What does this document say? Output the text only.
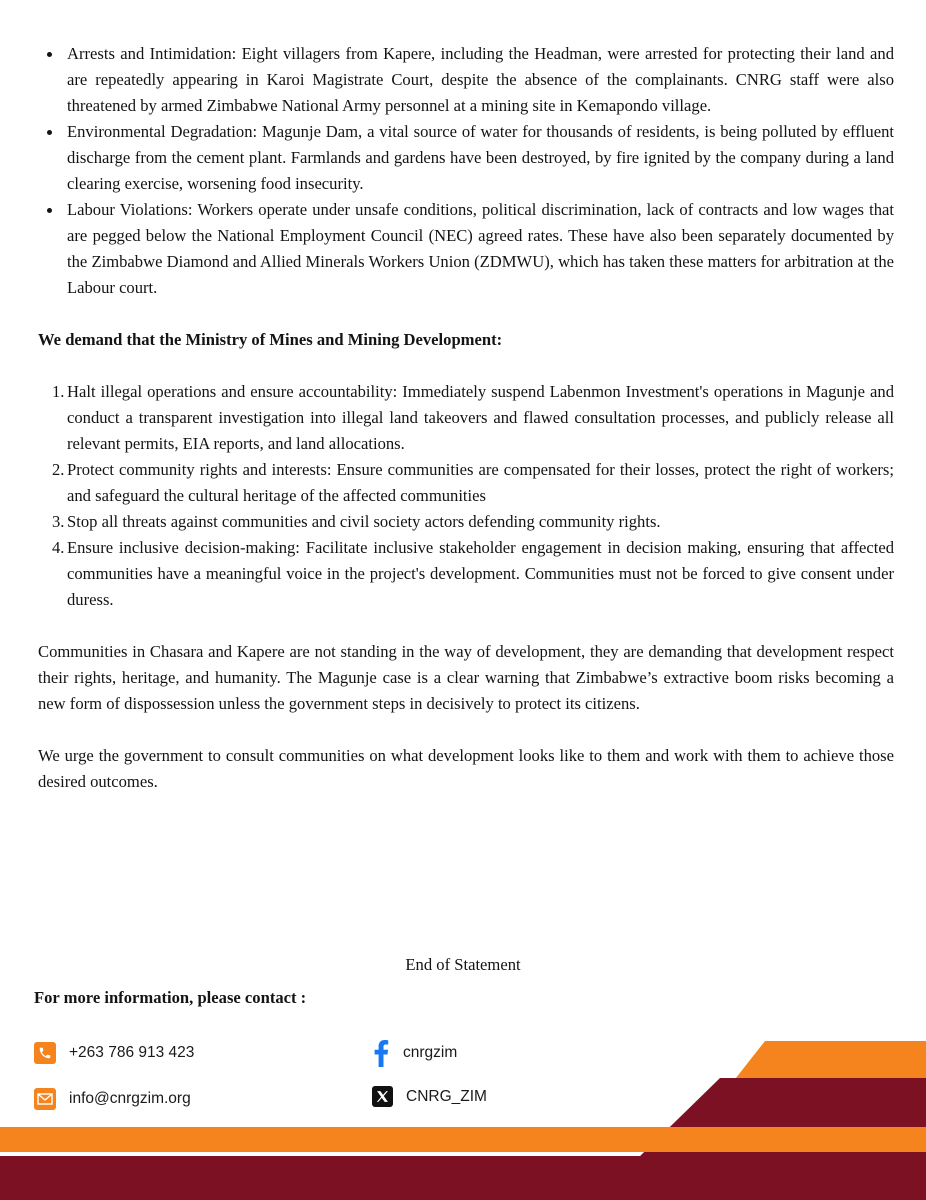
Arrests and Intimidation: Eight villagers from Kapere, including the Headman, were arrested for protecting their land and are repeatedly appearing in Karoi Magistrate Court, despite the absence of the complainants. CNRG staff were also threatened by armed Zimbabwe National Army personnel at a mining site in Kemapondo village.
Environmental Degradation: Magunje Dam, a vital source of water for thousands of residents, is being polluted by effluent discharge from the cement plant. Farmlands and gardens have been destroyed, by fire ignited by the company during a land clearing exercise, worsening food insecurity.
Labour Violations: Workers operate under unsafe conditions, political discrimination, lack of contracts and low wages that are pegged below the National Employment Council (NEC) agreed rates. These have also been separately documented by the Zimbabwe Diamond and Allied Minerals Workers Union (ZDMWU), which has taken these matters for arbitration at the Labour court.

We demand that the Ministry of Mines and Mining Development:

1. Halt illegal operations and ensure accountability: Immediately suspend Labenmon Investment's operations in Magunje and conduct a transparent investigation into illegal land takeovers and flawed consultation processes, and publicly release all relevant permits, EIA reports, and land allocations.
2. Protect community rights and interests: Ensure communities are compensated for their losses, protect the right of workers; and safeguard the cultural heritage of the affected communities
3. Stop all threats against communities and civil society actors defending community rights.
4. Ensure inclusive decision-making: Facilitate inclusive stakeholder engagement in decision making, ensuring that affected communities have a meaningful voice in the project's development. Communities must not be forced to give consent under duress.

Communities in Chasara and Kapere are not standing in the way of development, they are demanding that development respect their rights, heritage, and humanity. The Magunje case is a clear warning that Zimbabwe’s extractive boom risks becoming a new form of dispossession unless the government steps in decisively to protect its citizens.

We urge the government to consult communities on what development looks like to them and work with them to achieve those desired outcomes.

End of Statement
For more information, please contact :
+263 786 913 423
info@cnrgzim.org
cnrgzim
CNRG_ZIM
